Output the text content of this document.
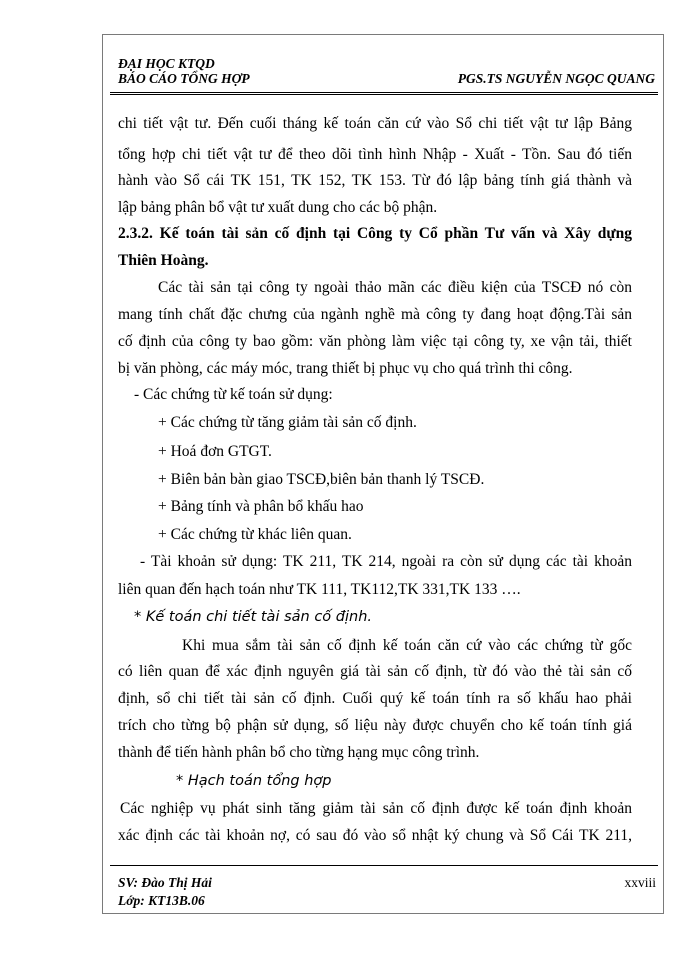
ĐẠI HỌC KTQD
BÁO CÁO TỔNG HỢP	PGS.TS NGUYỄN NGỌC QUANG
chi tiết vật tư. Đến cuối tháng kế toán căn cứ vào Sổ chi tiết vật tư lập Bảng
tổng hợp chi tiết vật tư để theo dõi tình hình Nhập - Xuất - Tồn. Sau đó tiến
hành vào Sổ cái TK 151, TK 152, TK 153. Từ đó lập bảng tính giá thành và
lập bảng phân bổ vật tư xuất dung cho các bộ phận.
2.3.2. Kế toán tài sản cố định tại Công ty Cổ phần Tư vấn và Xây dựng
Thiên Hoàng.
Các tài sản tại công ty ngoài thảo mãn các điều kiện của TSCĐ nó còn
mang tính chất đặc chưng của ngành nghề mà công ty đang hoạt động.Tài sản
cố định của công ty bao gồm: văn phòng làm việc tại công ty, xe vận tải, thiết
bị văn phòng, các máy móc, trang thiết bị phục vụ cho quá trình thi công.
- Các chứng từ kế toán sử dụng:
+ Các chứng từ tăng giảm tài sản cố định.
+ Hoá đơn GTGT.
+ Biên bản bàn giao TSCĐ,biên bản thanh lý TSCĐ.
+ Bảng tính và phân bổ khấu hao
+ Các chứng từ khác liên quan.
- Tài khoản sử dụng: TK 211, TK 214, ngoài ra còn sử dụng các tài khoản
liên quan đến hạch toán như TK 111, TK112,TK 331,TK 133 ….
* Kế toán chi tiết tài sản cố định.
Khi mua sắm tài sản cố định kế toán căn cứ vào các chứng từ gốc
có liên quan để xác định nguyên giá tài sản cố định, từ đó vào thẻ tài sản cố
định, sổ chi tiết tài sản cố định. Cuối quý kế toán tính ra số khấu hao phải
trích cho từng bộ phận sử dụng, số liệu này được chuyển cho kế toán tính giá
thành để tiến hành phân bổ cho từng hạng mục công trình.
* Hạch toán tổng hợp
Các nghiệp vụ phát sinh tăng giảm tài sản cố định được kế toán định khoản
xác định các tài khoản nợ, có sau đó vào sổ nhật ký chung và Sổ Cái TK 211,
SV: Đào Thị Hải
Lớp: KT13B.06
xxviii
